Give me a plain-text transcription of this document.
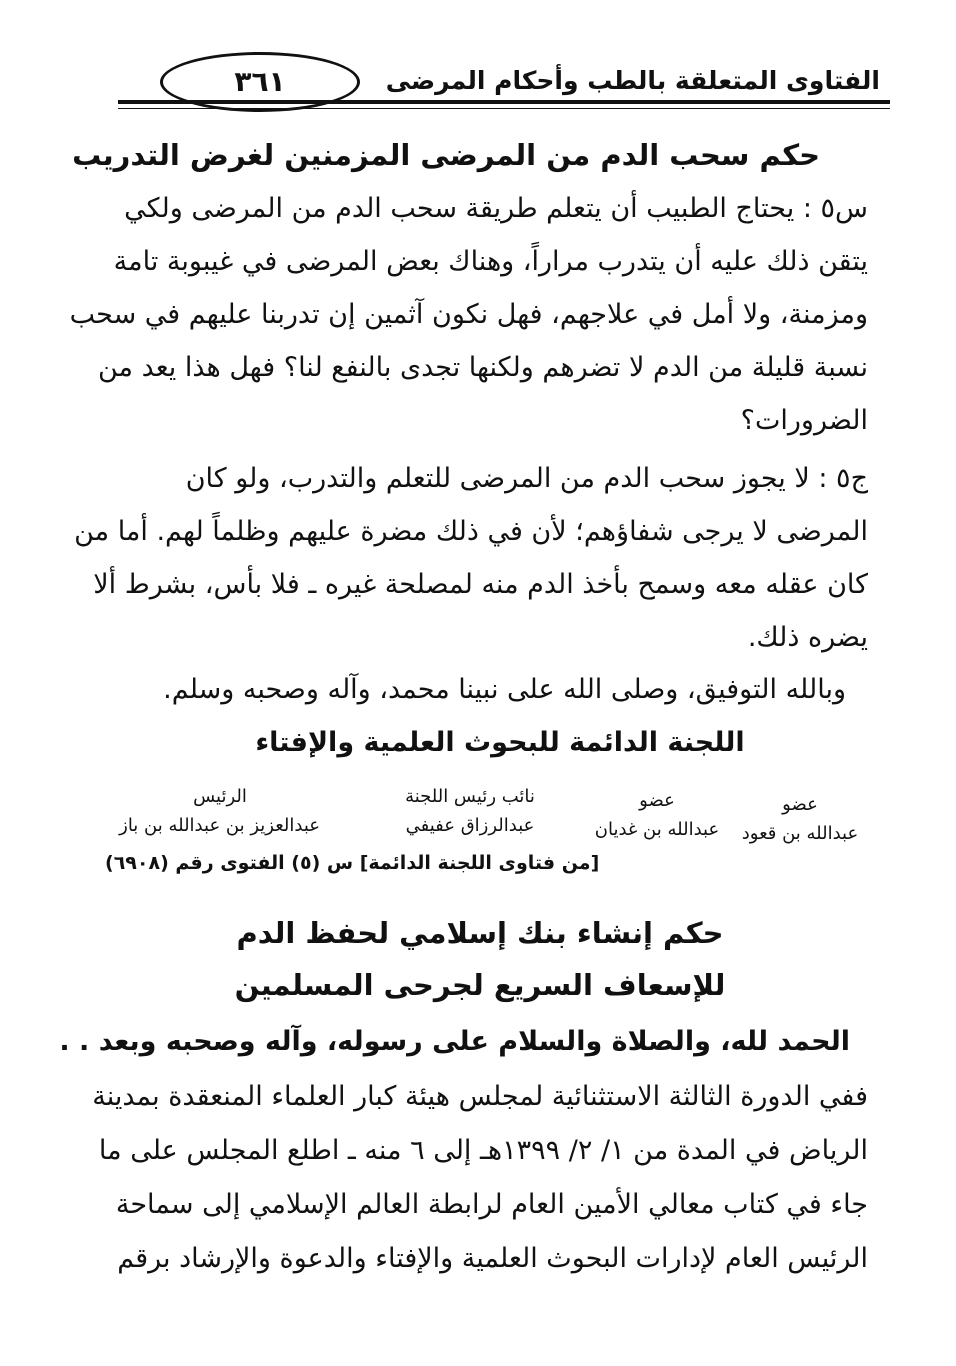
الفتاوى المتعلقة بالطب وأحكام المرضى
٣٦١
حكم سحب الدم من المرضى المزمنين لغرض التدريب
س٥ : يحتاج الطبيب أن يتعلم طريقة سحب الدم من المرضى ولكي
يتقن ذلك عليه أن يتدرب مراراً، وهناك بعض المرضى في غيبوبة تامة
ومزمنة، ولا أمل في علاجهم، فهل نكون آثمين إن تدربنا عليهم في سحب
نسبة قليلة من الدم لا تضرهم ولكنها تجدى بالنفع لنا؟ فهل هذا يعد من
الضرورات؟
ج٥ : لا يجوز سحب الدم من المرضى للتعلم والتدرب، ولو كان
المرضى لا يرجى شفاؤهم؛ لأن في ذلك مضرة عليهم وظلماً لهم. أما من
كان عقله معه وسمح بأخذ الدم منه لمصلحة غيره ـ فلا بأس، بشرط ألا
يضره ذلك.
وبالله التوفيق، وصلى الله على نبينا محمد، وآله وصحبه وسلم.
اللجنة الدائمة للبحوث العلمية والإفتاء
الرئيس
عبدالعزيز بن عبدالله بن باز
نائب رئيس اللجنة
عبدالرزاق عفيفي
عضو
عبدالله بن غديان
عضو
عبدالله بن قعود
[من فتاوى اللجنة الدائمة] س (٥) الفتوى رقم (٦٩٠٨)
حكم إنشاء بنك إسلامي لحفظ الدم
للإسعاف السريع لجرحى المسلمين
الحمد لله، والصلاة والسلام على رسوله، وآله وصحبه وبعد . .
ففي الدورة الثالثة الاستثنائية لمجلس هيئة كبار العلماء المنعقدة بمدينة
الرياض في المدة من ١/ ٢/ ١٣٩٩هـ إلى ٦ منه ـ اطلع المجلس على ما
جاء في كتاب معالي الأمين العام لرابطة العالم الإسلامي إلى سماحة
الرئيس العام لإدارات البحوث العلمية والإفتاء والدعوة والإرشاد برقم
